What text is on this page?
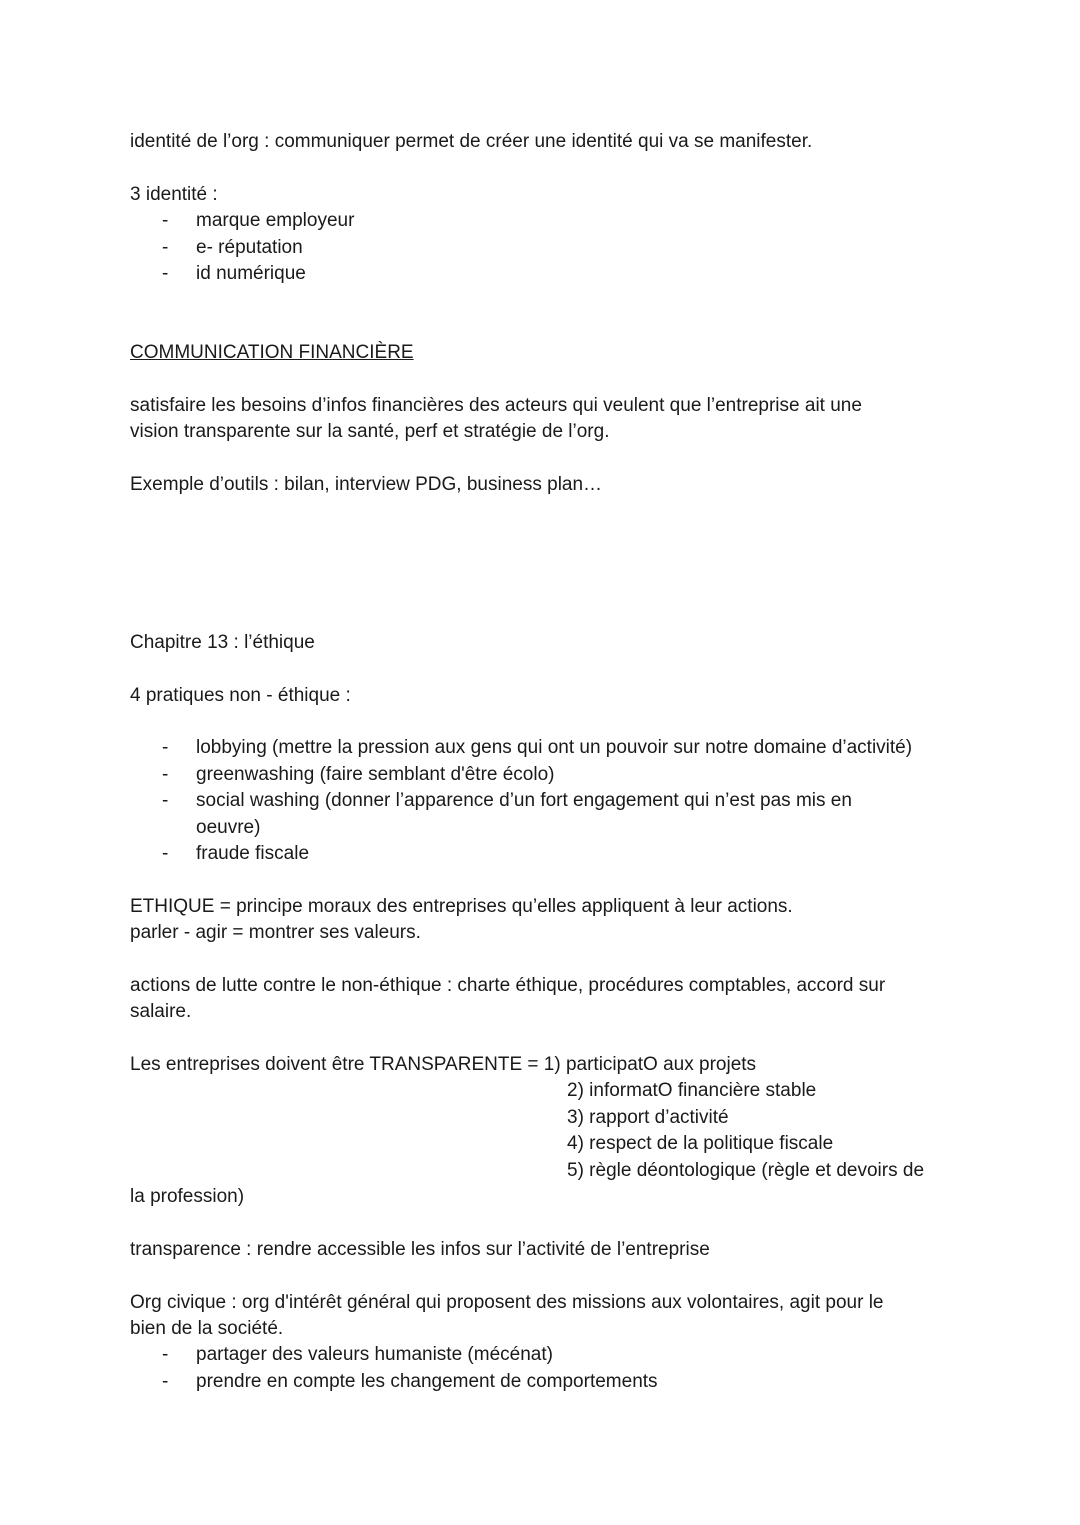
identité de l’org : communiquer permet de créer une identité qui va se manifester.
3 identité :
- marque employeur
- e- réputation
- id numérique
COMMUNICATION FINANCIÈRE
satisfaire les besoins d’infos financières des acteurs qui veulent que l’entreprise ait une
vision transparente sur la santé, perf et stratégie de l’org.
Exemple d’outils : bilan, interview PDG, business plan…
Chapitre 13 : l’éthique
4 pratiques non - éthique :
- lobbying (mettre la pression aux gens qui ont un pouvoir sur notre domaine d’activité)
- greenwashing (faire semblant d'être écolo)
- social washing (donner l’apparence d’un fort engagement qui n’est pas mis en
oeuvre)
- fraude fiscale
ETHIQUE = principe moraux des entreprises qu’elles appliquent à leur actions.
parler - agir = montrer ses valeurs.
actions de lutte contre le non-éthique : charte éthique, procédures comptables, accord sur
salaire.
Les entreprises doivent être TRANSPARENTE = 1) participatO aux projets
2) informatO financière stable
3) rapport d’activité
4) respect de la politique fiscale
5) règle déontologique (règle et devoirs de
la profession)
transparence : rendre accessible les infos sur l’activité de l’entreprise
Org civique : org d'intérêt général qui proposent des missions aux volontaires, agit pour le
bien de la société.
- partager des valeurs humaniste (mécénat)
- prendre en compte les changement de comportements
